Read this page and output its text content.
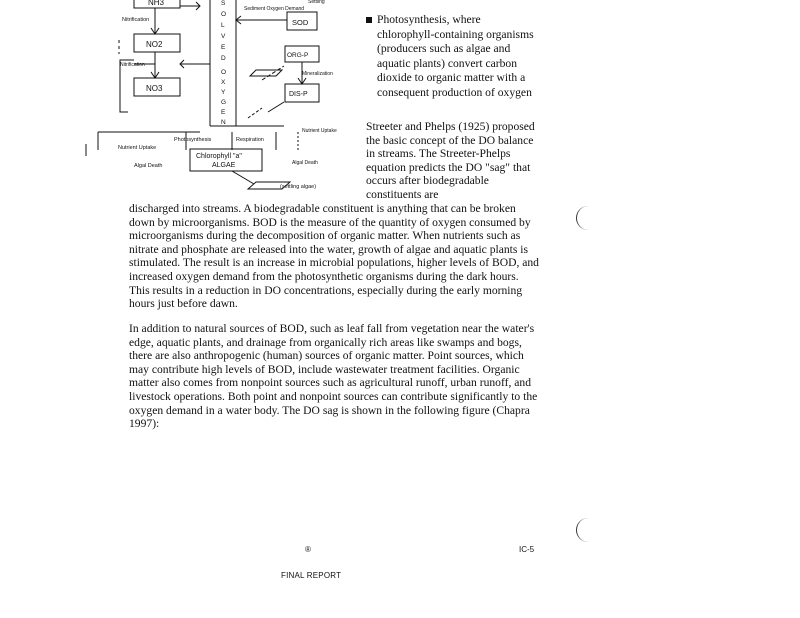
NH3
NO2
NO3
SOD
ORG-P
DIS-P
Chlorophyll "a"
ALGAE
S
O
L
V
E
D
O
X
Y
G
E
N
Nitrification
Nitrification
Sediment Oxygen Demand
Mineralization
Photosynthesis	Respiration
Nutrient Uptake
Nutrient Uptake
Algal Death	Algal Death
(settling algae)
Settling

Photosynthesis, where chlorophyll-containing organisms (producers such as algae and aquatic plants) convert carbon dioxide to organic matter with a consequent production of oxygen

Streeter and Phelps (1925) proposed the basic concept of the DO balance in streams. The Streeter-Phelps equation predicts the DO "sag" that occurs after biodegradable constituents are

discharged into streams. A biodegradable constituent is anything that can be broken down by microorganisms. BOD is the measure of the quantity of oxygen consumed by microorganisms during the decomposition of organic matter. When nutrients such as nitrate and phosphate are released into the water, growth of algae and aquatic plants is stimulated. The result is an increase in microbial populations, higher levels of BOD, and increased oxygen demand from the photosynthetic organisms during the dark hours. This results in a reduction in DO concentrations, especially during the early morning hours just before dawn.

In addition to natural sources of BOD, such as leaf fall from vegetation near the water's edge, aquatic plants, and drainage from organically rich areas like swamps and bogs, there are also anthropogenic (human) sources of organic matter. Point sources, which may contribute high levels of BOD, include wastewater treatment facilities. Organic matter also comes from nonpoint sources such as agricultural runoff, urban runoff, and livestock operations. Both point and nonpoint sources can contribute significantly to the oxygen demand in a water body. The DO sag is shown in the following figure (Chapra 1997):

®	IC-5
FINAL REPORT
